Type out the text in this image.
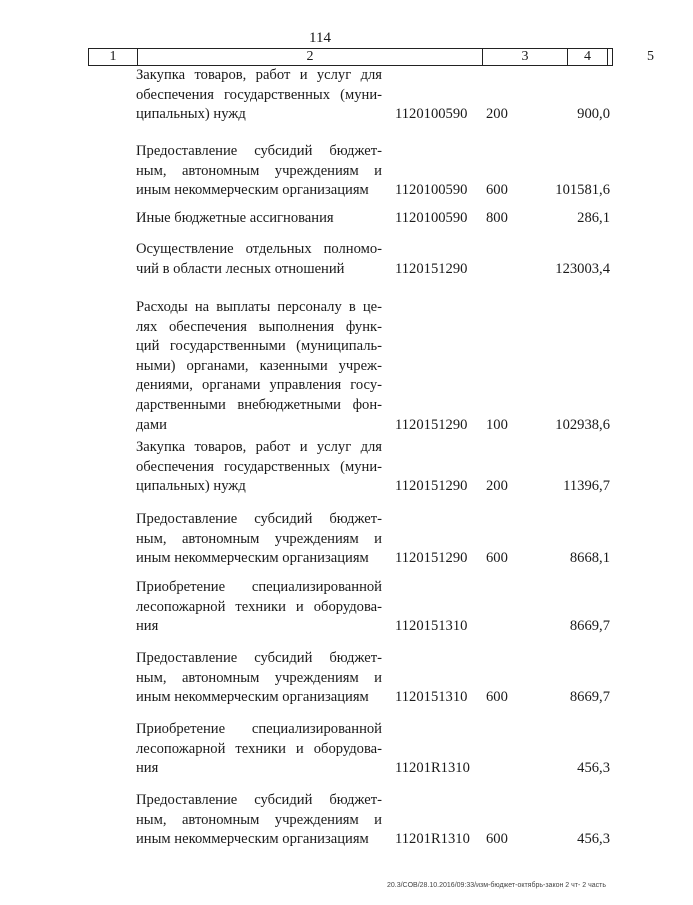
114
1	2	3	4	5
Закупка товаров, работ и услуг для
обеспечения государственных (муни-
ципальных) нужд	1120100590 200	900,0
Предоставление субсидий бюджет-
ным, автономным учреждениям и
иным некоммерческим организациям	1120100590 600	101581,6
Иные бюджетные ассигнования	1120100590 800	286,1
Осуществление отдельных полномо-
чий в области лесных отношений	1120151290	123003,4
Расходы на выплаты персоналу в це-
лях обеспечения выполнения функ-
ций государственными (муниципаль-
ными) органами, казенными учреж-
дениями, органами управления госу-
дарственными внебюджетными фон-
дами	1120151290 100	102938,6
Закупка товаров, работ и услуг для
обеспечения государственных (муни-
ципальных) нужд	1120151290 200	11396,7
Предоставление субсидий бюджет-
ным, автономным учреждениям и
иным некоммерческим организациям	1120151290 600	8668,1
Приобретение специализированной
лесопожарной техники и оборудова-
ния	1120151310	8669,7
Предоставление субсидий бюджет-
ным, автономным учреждениям и
иным некоммерческим организациям	1120151310 600	8669,7
Приобретение специализированной
лесопожарной техники и оборудова-
ния	11201R1310	456,3
Предоставление субсидий бюджет-
ным, автономным учреждениям и
иным некоммерческим организациям	11201R1310 600	456,3
20.3/COB/28.10.2016/09:33/изм-бюджет-октябрь-закон 2 чт- 2 часть
